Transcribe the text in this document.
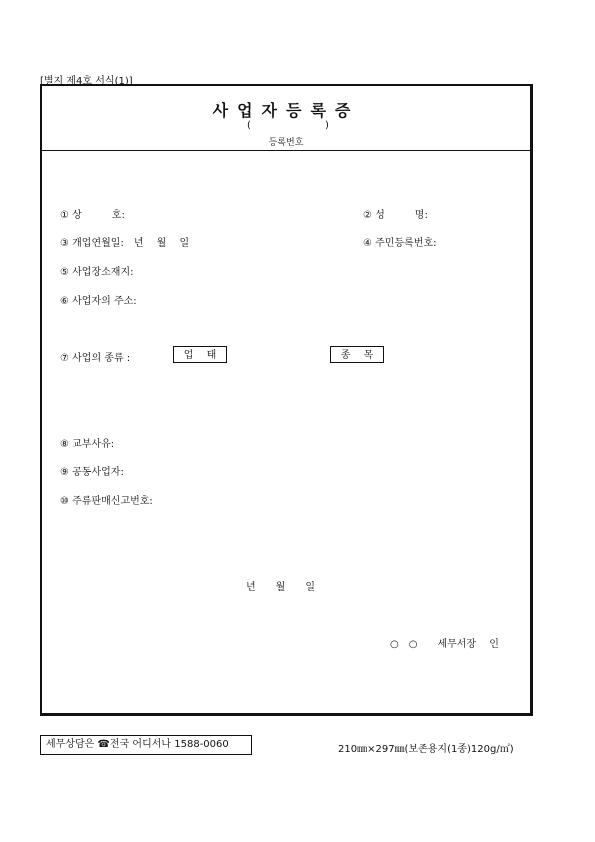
[별지 제4호 서식(1)]
사업자등록증
(	)
등록번호
① 상　　　호:	② 성　　　명:
③ 개업연월일:　년　 월　 일	④ 주민등록번호:
⑤ 사업장소재지:
⑥ 사업자의 주소:
⑦ 사업의 종류 :	업　 태	종　 목
⑧ 교부사유:
⑨ 공동사업자:
⑩ 주류판매신고번호:
년　　월　　일
○　○　　세무서장　 인
세무상담은 ☎전국 어디서나 1588-0060	210㎜×297㎜(보존용지(1종)120g/㎡)
